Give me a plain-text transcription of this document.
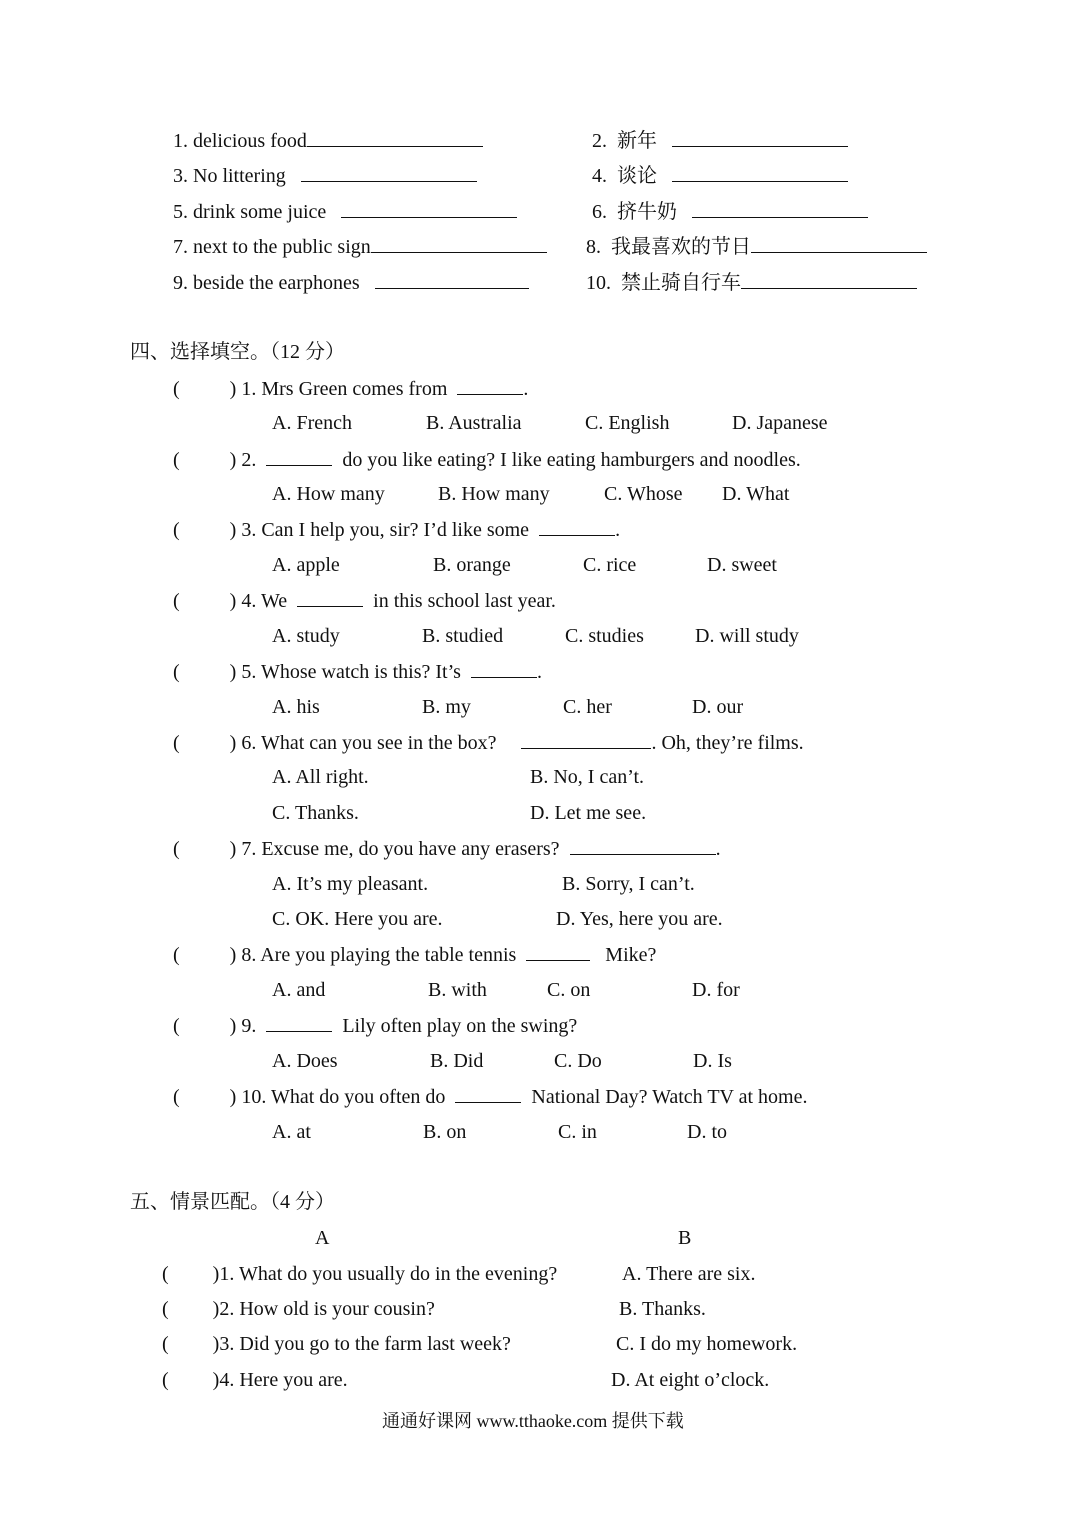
1. delicious food	2. 新年
3. No littering	4. 谈论
5. drink some juice	6. 挤牛奶
7. next to the public sign	8. 我最喜欢的节日
9. beside the earphones	10. 禁止骑自行车
四、选择填空。（12 分）
(	) 1. Mrs Green comes from	.
A. French	B. Australia	C. English	D. Japanese
(	) 2.	do you like eating? I like eating hamburgers and noodles.
A. How many	B. How many	C. Whose D. What
(	) 3. Can I help you, sir? I’d like some	.
A. apple	B. orange	C. rice	D. sweet
(	) 4. We	in this school last year.
A. study	B. studied	C. studies	D. will study
(	) 5. Whose watch is this? It’s	.
A. his	B. my	C. her	D. our
(	) 6. What can you see in the box?	. Oh, they’re films.
A. All right.	B. No, I can’t.
C. Thanks.	D. Let me see.
(	) 7. Excuse me, do you have any erasers?	.
A. It’s my pleasant.	B. Sorry, I can’t.
C. OK. Here you are.	D. Yes, here you are.
(	) 8. Are you playing the table tennis	Mike?
A. and	B. with	C. on	D. for
(	) 9.	Lily often play on the swing?
A. Does	B. Did	C. Do	D. Is
(	) 10. What do you often do	National Day? Watch TV at home.
A. at	B. on	C. in	D. to
五、情景匹配。（4 分）
A	B
( )1. What do you usually do in the evening?	A. There are six.
( )2. How old is your cousin?	B. Thanks.
( )3. Did you go to the farm last week?	C. I do my homework.
( )4. Here you are.	D. At eight o’clock.
通通好课网 www.tthaoke.com 提供下载
